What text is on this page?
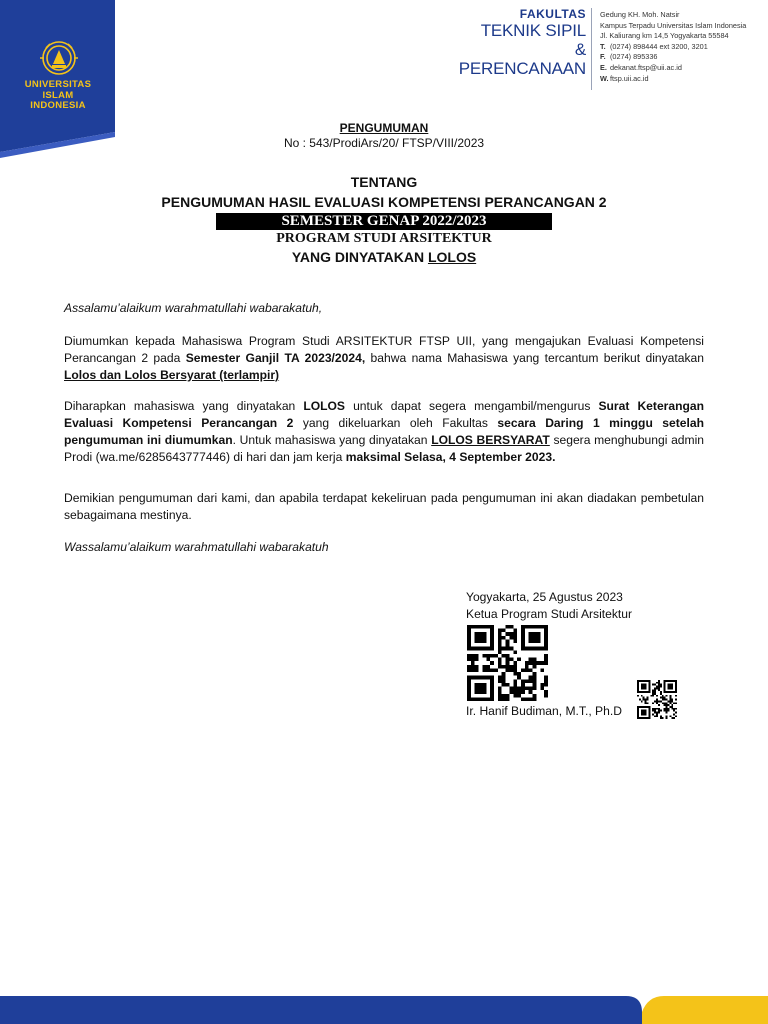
UNIVERSITAS
ISLAM
INDONESIA
FAKULTAS
TEKNIK SIPIL
& PERENCANAAN
Gedung KH. Moh. Natsir
Kampus Terpadu Universitas Islam Indonesia
Jl. Kaliurang km 14,5 Yogyakarta 55584
T. (0274) 898444 ext 3200, 3201
F. (0274) 895336
E. dekanat.ftsp@uii.ac.id
W.ftsp.uii.ac.id
PENGUMUMAN
No : 543/ProdiArs/20/ FTSP/VIII/2023
TENTANG
PENGUMUMAN HASIL EVALUASI KOMPETENSI PERANCANGAN 2
SEMESTER GENAP 2022/2023
PROGRAM STUDI ARSITEKTUR
YANG DINYATAKAN LOLOS
Assalamu’alaikum warahmatullahi wabarakatuh,
Diumumkan kepada Mahasiswa Program Studi ARSITEKTUR FTSP UII, yang mengajukan Evaluasi Kompetensi Perancangan 2 pada Semester Ganjil TA 2023/2024, bahwa nama Mahasiswa yang tercantum berikut dinyatakan Lolos dan Lolos Bersyarat (terlampir)
Diharapkan mahasiswa yang dinyatakan LOLOS untuk dapat segera mengambil/mengurus Surat Keterangan Evaluasi Kompetensi Perancangan 2 yang dikeluarkan oleh Fakultas secara Daring 1 minggu setelah pengumuman ini diumumkan. Untuk mahasiswa yang dinyatakan LOLOS BERSYARAT segera menghubungi admin Prodi (wa.me/6285643777446) di hari dan jam kerja maksimal Selasa, 4 September 2023.
Demikian pengumuman dari kami, dan apabila terdapat kekeliruan pada pengumuman ini akan diadakan pembetulan sebagaimana mestinya.
Wassalamu’alaikum warahmatullahi wabarakatuh
Yogyakarta, 25 Agustus 2023
Ketua Program Studi Arsitektur
Ir. Hanif Budiman, M.T., Ph.D
